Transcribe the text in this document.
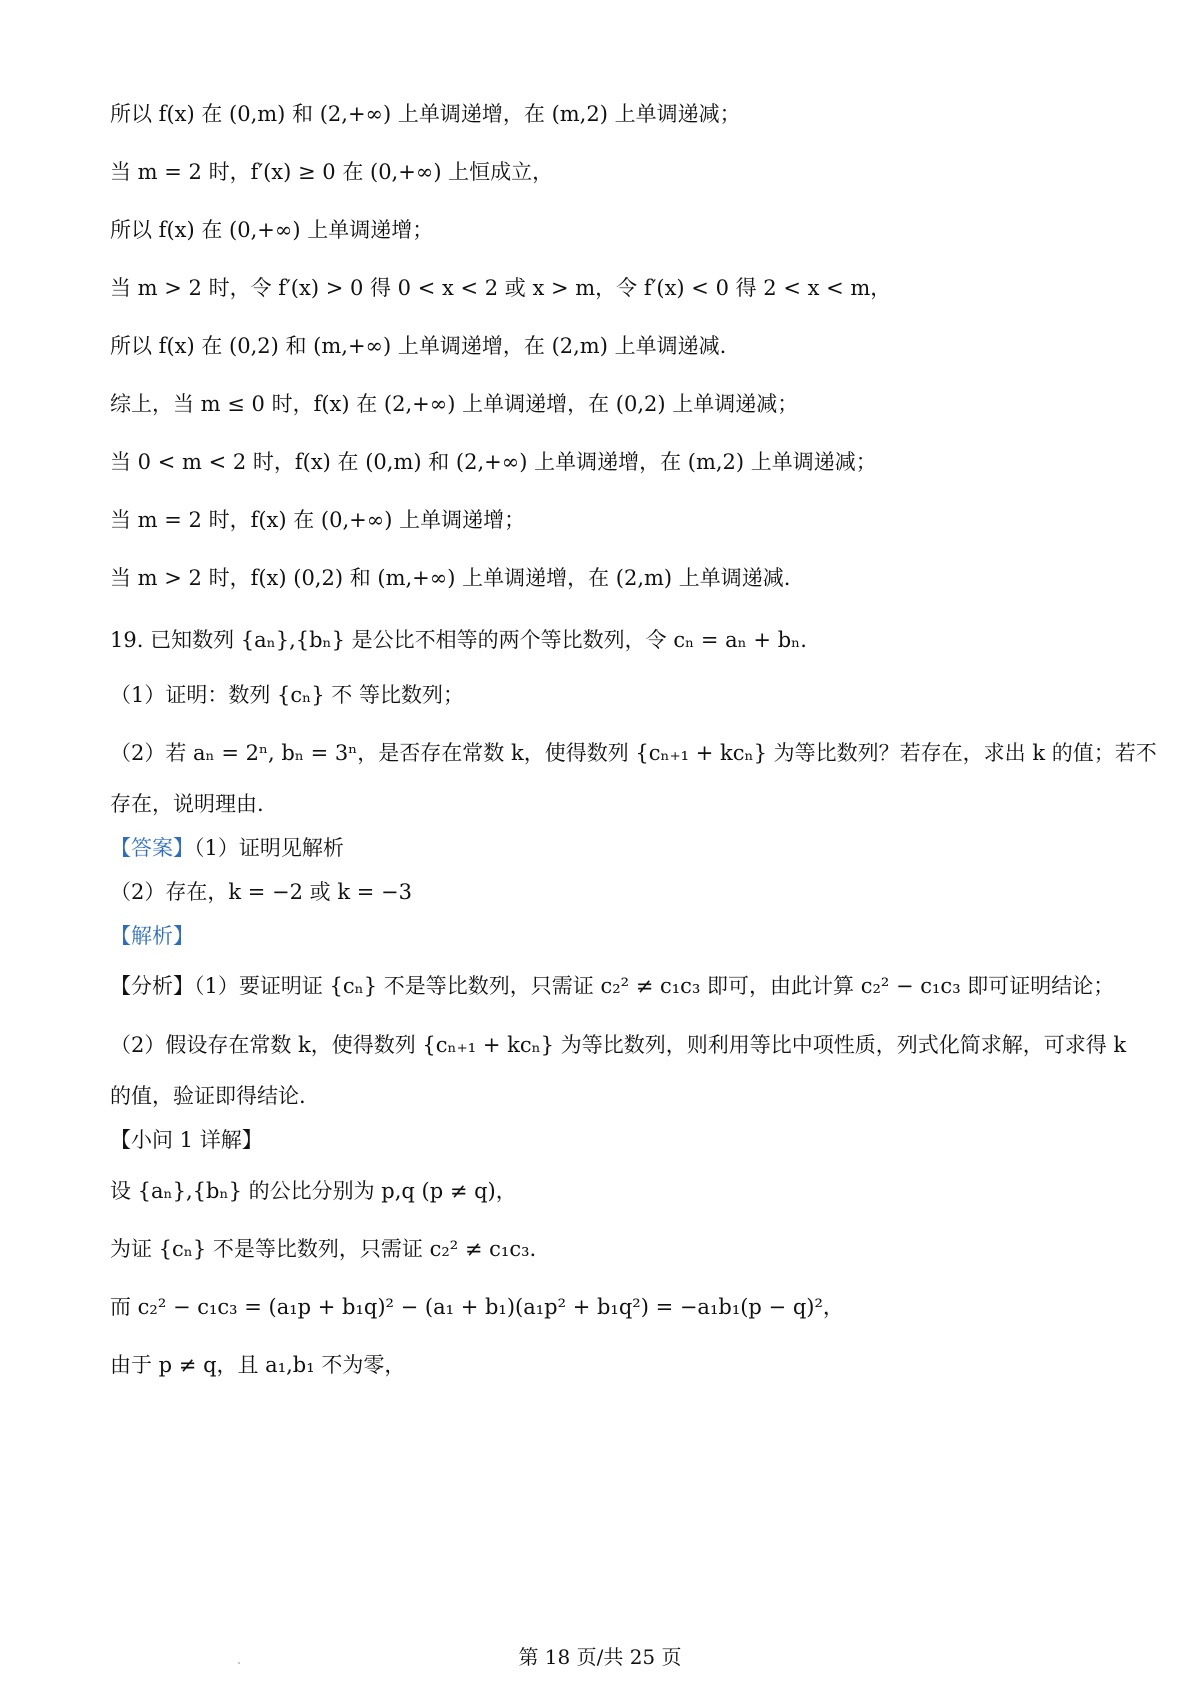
所以 f(x) 在 (0,m) 和 (2,+∞) 上单调递增，在 (m,2) 上单调递减；
当 m = 2 时，f′(x) ≥ 0 在 (0,+∞) 上恒成立，
所以 f(x) 在 (0,+∞) 上单调递增；
当 m > 2 时，令 f′(x) > 0 得 0 < x < 2 或 x > m，令 f′(x) < 0 得 2 < x < m，
所以 f(x) 在 (0,2) 和 (m,+∞) 上单调递增，在 (2,m) 上单调递减.
综上，当 m ≤ 0 时，f(x) 在 (2,+∞) 上单调递增，在 (0,2) 上单调递减；
当 0 < m < 2 时，f(x) 在 (0,m) 和 (2,+∞) 上单调递增，在 (m,2) 上单调递减；
当 m = 2 时，f(x) 在 (0,+∞) 上单调递增；
当 m > 2 时，f(x) (0,2) 和 (m,+∞) 上单调递增，在 (2,m) 上单调递减.
19. 已知数列 {aₙ},{bₙ} 是公比不相等的两个等比数列，令 cₙ = aₙ + bₙ.
（1）证明：数列 {cₙ} 不 等比数列；
（2）若 aₙ = 2ⁿ, bₙ = 3ⁿ，是否存在常数 k，使得数列 {cₙ₊₁ + kcₙ} 为等比数列？若存在，求出 k 的值；若不
存在，说明理由.
【答案】（1）证明见解析
（2）存在，k = −2 或 k = −3
【解析】
【分析】（1）要证明证 {cₙ} 不是等比数列，只需证 c₂² ≠ c₁c₃ 即可，由此计算 c₂² − c₁c₃ 即可证明结论；
（2）假设存在常数 k，使得数列 {cₙ₊₁ + kcₙ} 为等比数列，则利用等比中项性质，列式化简求解，可求得 k
的值，验证即得结论.
【小问 1 详解】
设 {aₙ},{bₙ} 的公比分别为 p,q (p ≠ q)，
为证 {cₙ} 不是等比数列，只需证 c₂² ≠ c₁c₃.
而 c₂² − c₁c₃ = (a₁p + b₁q)² − (a₁ + b₁)(a₁p² + b₁q²) = −a₁b₁(p − q)²，
由于 p ≠ q，且 a₁,b₁ 不为零，
第 18 页/共 25 页
